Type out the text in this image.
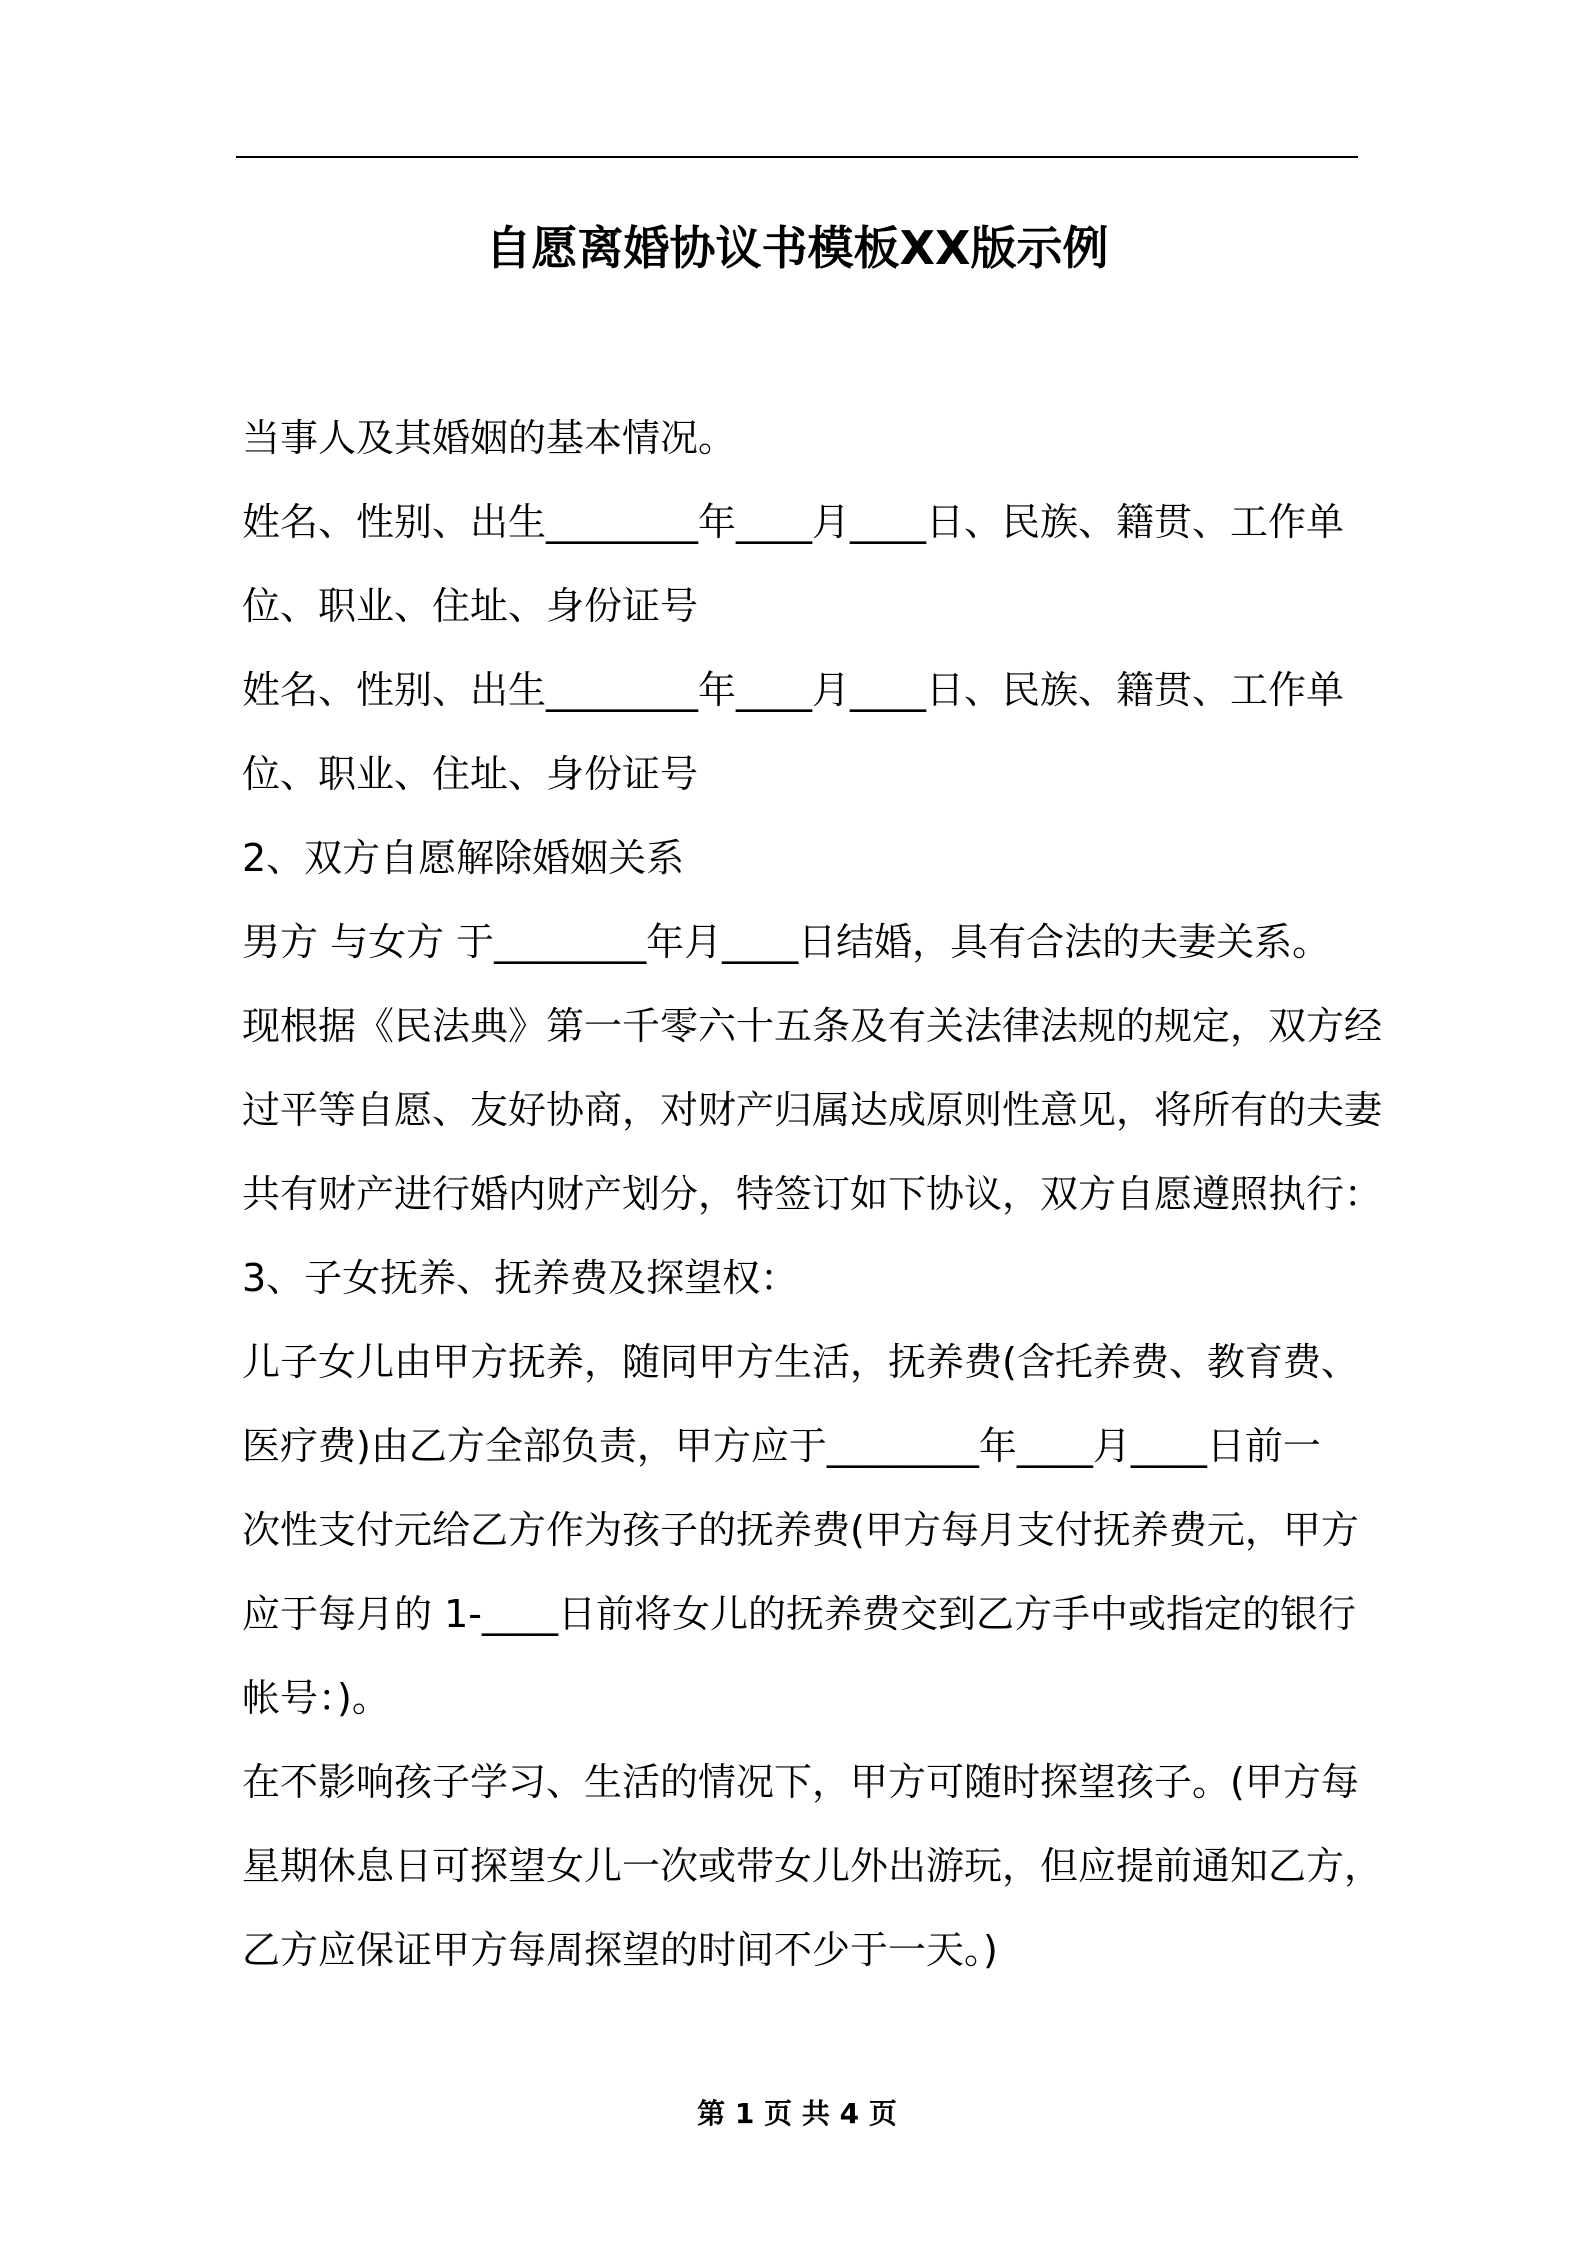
自愿离婚协议书模板XX版示例
当事人及其婚姻的基本情况。
姓名、性别、出生________年____月____日、民族、籍贯、工作单
位、职业、住址、身份证号
姓名、性别、出生________年____月____日、民族、籍贯、工作单
位、职业、住址、身份证号
2、双方自愿解除婚姻关系
男方 与女方 于________年月____日结婚，具有合法的夫妻关系。
现根据《民法典》第一千零六十五条及有关法律法规的规定，双方经
过平等自愿、友好协商，对财产归属达成原则性意见，将所有的夫妻
共有财产进行婚内财产划分，特签订如下协议，双方自愿遵照执行：
3、子女抚养、抚养费及探望权：
儿子女儿由甲方抚养，随同甲方生活，抚养费(含托养费、教育费、
医疗费)由乙方全部负责，甲方应于________年____月____日前一
次性支付元给乙方作为孩子的抚养费(甲方每月支付抚养费元，甲方
应于每月的 1-____日前将女儿的抚养费交到乙方手中或指定的银行
帐号：)。
在不影响孩子学习、生活的情况下，甲方可随时探望孩子。(甲方每
星期休息日可探望女儿一次或带女儿外出游玩，但应提前通知乙方，
乙方应保证甲方每周探望的时间不少于一天。)
第 1 页 共 4 页
